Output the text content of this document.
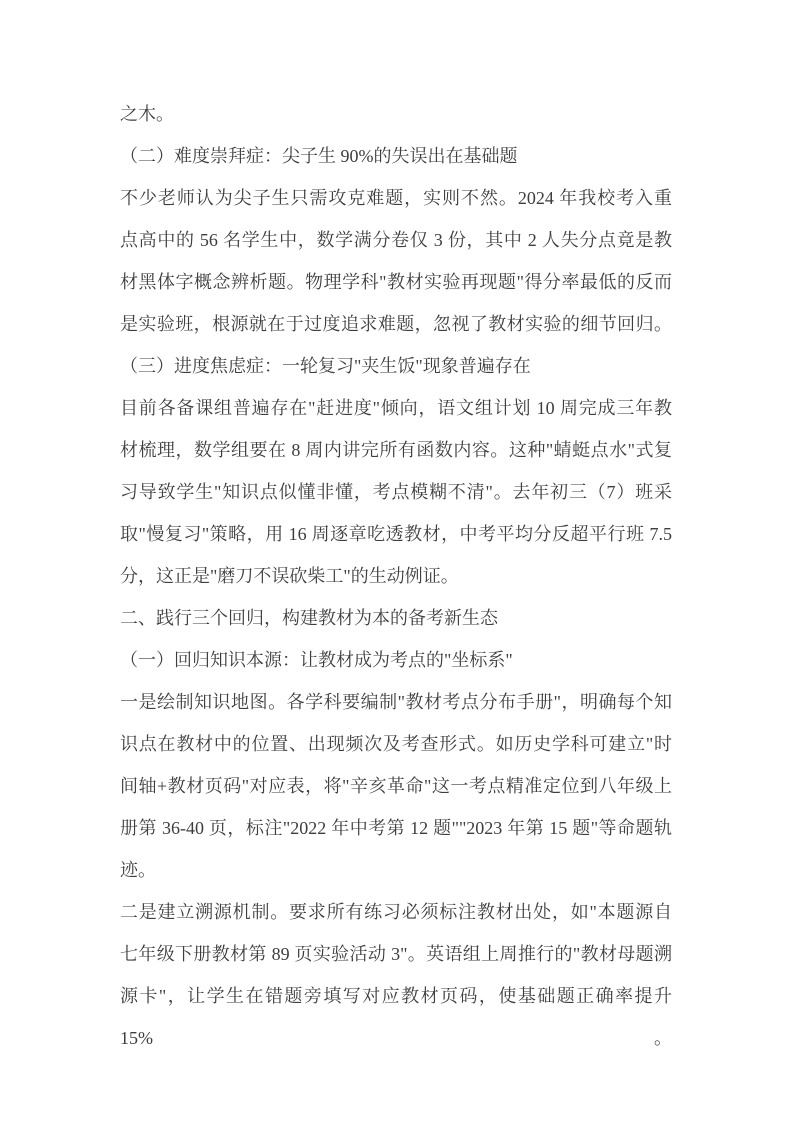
之木。
（二）难度崇拜症：尖子生 90%的失误出在基础题
不少老师认为尖子生只需攻克难题，实则不然。2024 年我校考入重
点高中的 56 名学生中，数学满分卷仅 3 份，其中 2 人失分点竟是教
材黑体字概念辨析题。物理学科"教材实验再现题"得分率最低的反而
是实验班，根源就在于过度追求难题，忽视了教材实验的细节回归。
（三）进度焦虑症：一轮复习"夹生饭"现象普遍存在
目前各备课组普遍存在"赶进度"倾向，语文组计划 10 周完成三年教
材梳理，数学组要在 8 周内讲完所有函数内容。这种"蜻蜓点水"式复
习导致学生"知识点似懂非懂，考点模糊不清"。去年初三（7）班采
取"慢复习"策略，用 16 周逐章吃透教材，中考平均分反超平行班 7.5
分，这正是"磨刀不误砍柴工"的生动例证。
二、践行三个回归，构建教材为本的备考新生态
（一）回归知识本源：让教材成为考点的"坐标系"
一是绘制知识地图。各学科要编制"教材考点分布手册"，明确每个知
识点在教材中的位置、出现频次及考查形式。如历史学科可建立"时
间轴+教材页码"对应表，将"辛亥革命"这一考点精准定位到八年级上
册第 36-40 页，标注"2022 年中考第 12 题""2023 年第 15 题"等命题轨
迹。
二是建立溯源机制。要求所有练习必须标注教材出处，如"本题源自
七年级下册教材第 89 页实验活动 3"。英语组上周推行的"教材母题溯
源卡"，让学生在错题旁填写对应教材页码，使基础题正确率提升 15%。
